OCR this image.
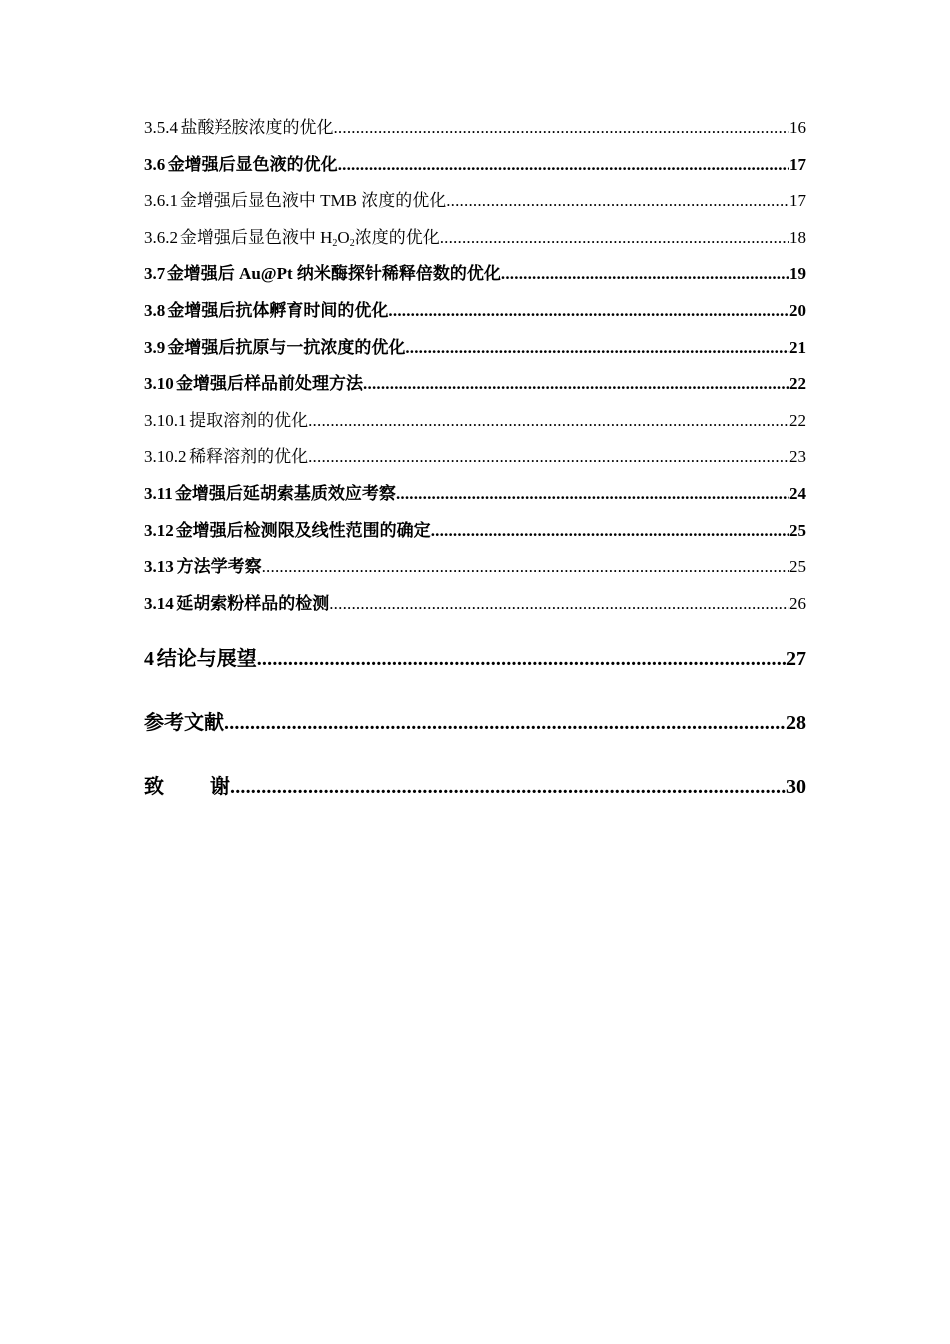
3.5.4 盐酸羟胺浓度的优化 .....	16
3.6 金增强后显色液的优化 .....	17
3.6.1 金增强后显色液中 TMB 浓度的优化 .....	17
3.6.2 金增强后显色液中 $H_2O_2$浓度的优化 .....	18
3.7 金增强后 Au@Pt 纳米酶探针稀释倍数的优化 .....	19
3.8 金增强后抗体孵育时间的优化 .....	20
3.9 金增强后抗原与一抗浓度的优化 .....	21
3.10 金增强后样品前处理方法 .....	22
3.10.1 提取溶剂的优化 .....	22
3.10.2 稀释溶剂的优化 .....	23
3.11 金增强后延胡索基质效应考察 .....	24
3.12 金增强后检测限及线性范围的确定 .....	25
3.13 方法学考察 .....	25
3.14 延胡索粉样品的检测 .....	26
4 结论与展望 .....	27
参考文献 .....	28
致 谢 .....	30
